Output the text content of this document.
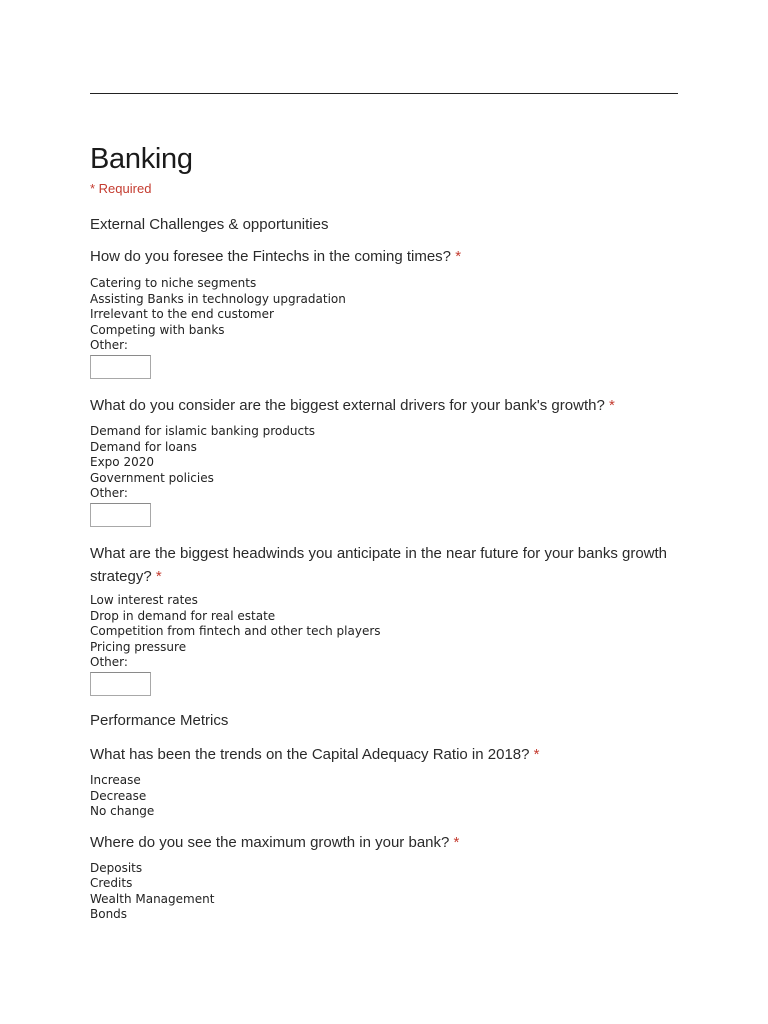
Banking
* Required
External Challenges & opportunities
How do you foresee the Fintechs in the coming times? *
Catering to niche segments
Assisting Banks in technology upgradation
Irrelevant to the end customer
Competing with banks
Other:
What do you consider are the biggest external drivers for your bank's growth? *
Demand for islamic banking products
Demand for loans
Expo 2020
Government policies
Other:
What are the biggest headwinds you anticipate in the near future for your banks growth strategy? *
Low interest rates
Drop in demand for real estate
Competition from fintech and other tech players
Pricing pressure
Other:
Performance Metrics
What has been the trends on the Capital Adequacy Ratio in 2018? *
Increase
Decrease
No change
Where do you see the maximum growth in your bank? *
Deposits
Credits
Wealth Management
Bonds
